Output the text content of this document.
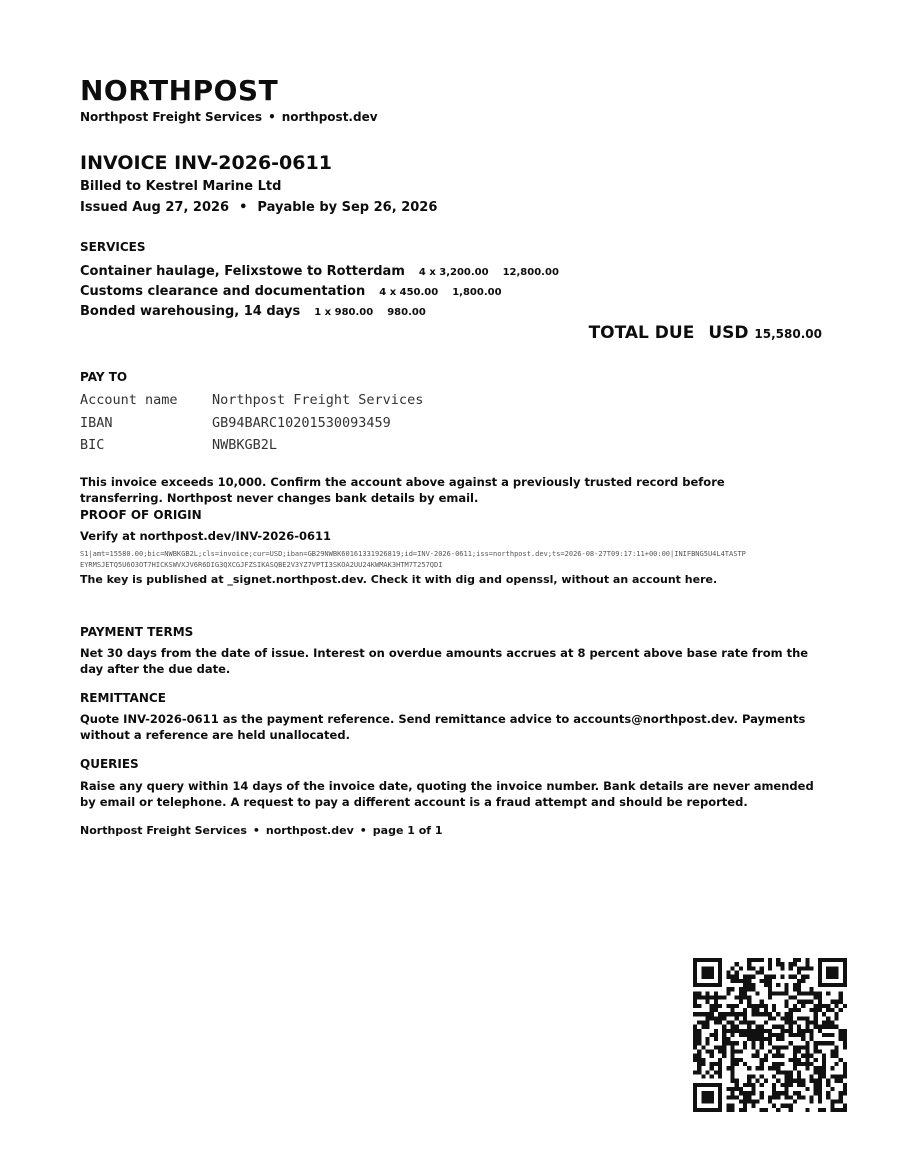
NORTHPOST
Northpost Freight Services • northpost.dev
INVOICE INV-2026-0611
Billed to Kestrel Marine Ltd
Issued Aug 27, 2026 • Payable by Sep 26, 2026
SERVICES
Container haulage, Felixstowe to Rotterdam 4 x 3,200.00 12,800.00
Customs clearance and documentation 4 x 450.00 1,800.00
Bonded warehousing, 14 days 1 x 980.00 980.00
TOTAL DUE USD 15,580.00
PAY TO
Account name	Northpost Freight Services
IBAN	GB94BARC10201530093459
BIC	NWBKGB2L
This invoice exceeds 10,000. Confirm the account above against a previously trusted record before transferring. Northpost never changes bank details by email.
PROOF OF ORIGIN
Verify at northpost.dev/INV-2026-0611
S1|amt=15580.00;bic=NWBKGB2L;cls=invoice;cur=USD;iban=GB29NWBK60161331926819;id=INV-2026-0611;iss=northpost.dev;ts=2026-08-27T09:17:11+00:00|INIFBNG5U4L4TASTPEYRMSJETQ5U6O3OT7HICKSWVXJV6R6DIG3QXCGJFZSIKASQBE2V3YZ7VPTI3SKOA2UU24KWMAK3HTM7T257QDI
The key is published at _signet.northpost.dev. Check it with dig and openssl, without an account here.
PAYMENT TERMS
Net 30 days from the date of issue. Interest on overdue amounts accrues at 8 percent above base rate from the day after the due date.
REMITTANCE
Quote INV-2026-0611 as the payment reference. Send remittance advice to accounts@northpost.dev. Payments without a reference are held unallocated.
QUERIES
Raise any query within 14 days of the invoice date, quoting the invoice number. Bank details are never amended by email or telephone. A request to pay a different account is a fraud attempt and should be reported.
Northpost Freight Services • northpost.dev • page 1 of 1
